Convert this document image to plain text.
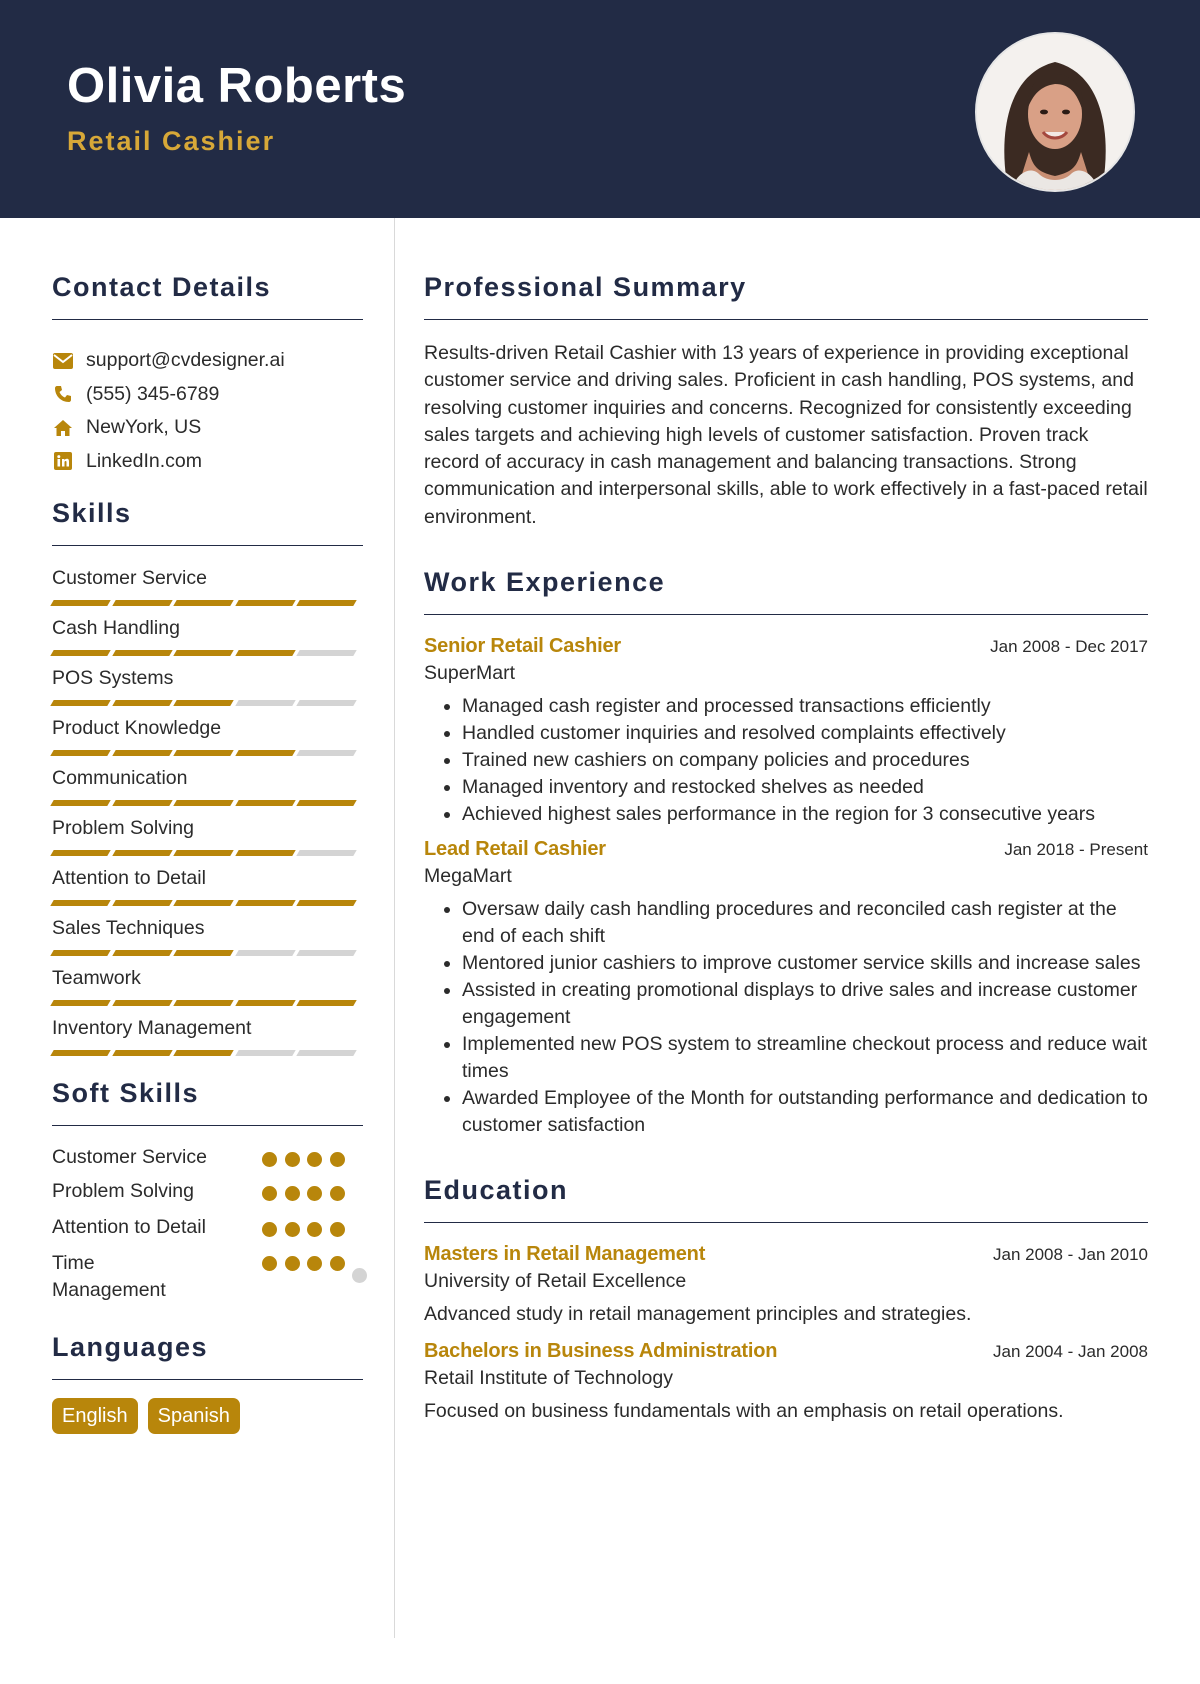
Olivia Roberts
Retail Cashier
Contact Details
support@cvdesigner.ai
(555) 345-6789
NewYork, US
LinkedIn.com
Skills
Customer Service
Cash Handling
POS Systems
Product Knowledge
Communication
Problem Solving
Attention to Detail
Sales Techniques
Teamwork
Inventory Management
Soft Skills
Customer Service
Problem Solving
Attention to Detail
Time Management
Languages
English	Spanish
Professional Summary
Results-driven Retail Cashier with 13 years of experience in providing exceptional customer service and driving sales. Proficient in cash handling, POS systems, and resolving customer inquiries and concerns. Recognized for consistently exceeding sales targets and achieving high levels of customer satisfaction. Proven track record of accuracy in cash management and balancing transactions. Strong communication and interpersonal skills, able to work effectively in a fast-paced retail environment.
Work Experience
Senior Retail Cashier	Jan 2008 - Dec 2017
SuperMart
• Managed cash register and processed transactions efficiently
• Handled customer inquiries and resolved complaints effectively
• Trained new cashiers on company policies and procedures
• Managed inventory and restocked shelves as needed
• Achieved highest sales performance in the region for 3 consecutive years
Lead Retail Cashier	Jan 2018 - Present
MegaMart
• Oversaw daily cash handling procedures and reconciled cash register at the end of each shift
• Mentored junior cashiers to improve customer service skills and increase sales
• Assisted in creating promotional displays to drive sales and increase customer engagement
• Implemented new POS system to streamline checkout process and reduce wait times
• Awarded Employee of the Month for outstanding performance and dedication to customer satisfaction
Education
Masters in Retail Management	Jan 2008 - Jan 2010
University of Retail Excellence
Advanced study in retail management principles and strategies.
Bachelors in Business Administration	Jan 2004 - Jan 2008
Retail Institute of Technology
Focused on business fundamentals with an emphasis on retail operations.
